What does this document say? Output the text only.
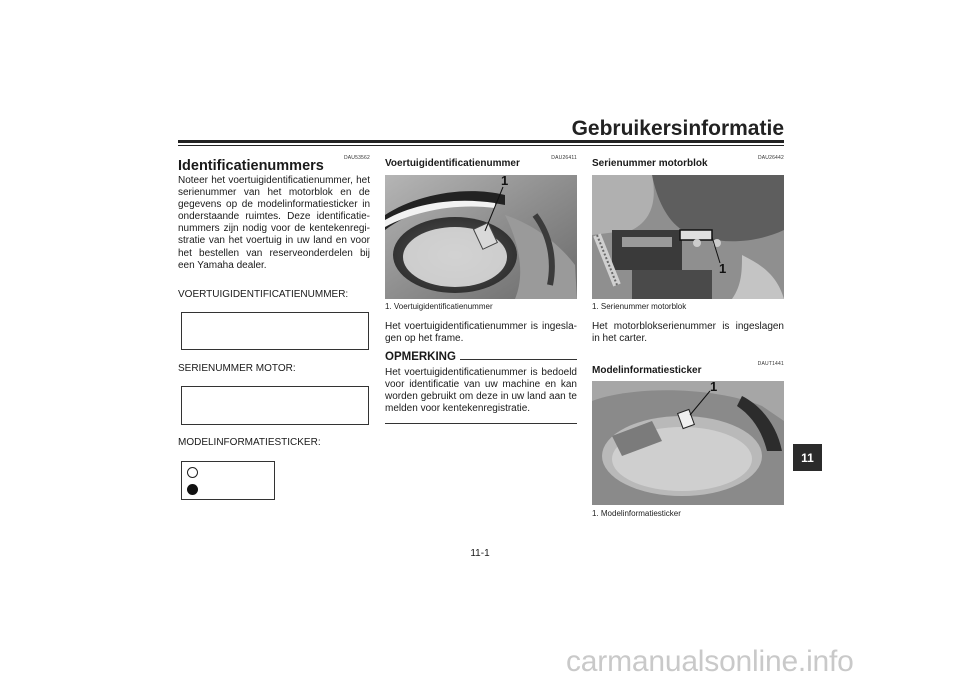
Gebruikersinformatie
DAU53562
Identificatienummers
Noteer het voertuigidentificatienummer, het serienummer van het motorblok en de gegevens op de modelinformatiesticker in onderstaande ruimtes. Deze identificatie-nummers zijn nodig voor de kentekenregi-stratie van het voertuig in uw land en voor het bestellen van reserveonderdelen bij een Yamaha dealer.
VOERTUIGIDENTIFICATIENUMMER:
SERIENUMMER MOTOR:
MODELINFORMATIESTICKER:
DAU26411
Voertuigidentificatienummer
1
1. Voertuigidentificatienummer
Het voertuigidentificatienummer is ingesla-gen op het frame.
OPMERKING
Het voertuigidentificatienummer is bedoeld voor identificatie van uw machine en kan worden gebruikt om deze in uw land aan te melden voor kentekenregistratie.
DAU26442
Serienummer motorblok
1
1. Serienummer motorblok
Het motorblokserienummer is ingeslagen in het carter.
DAUT1441
Modelinformatiesticker
1
1. Modelinformatiesticker
11
11-1
carmanualsonline.info
